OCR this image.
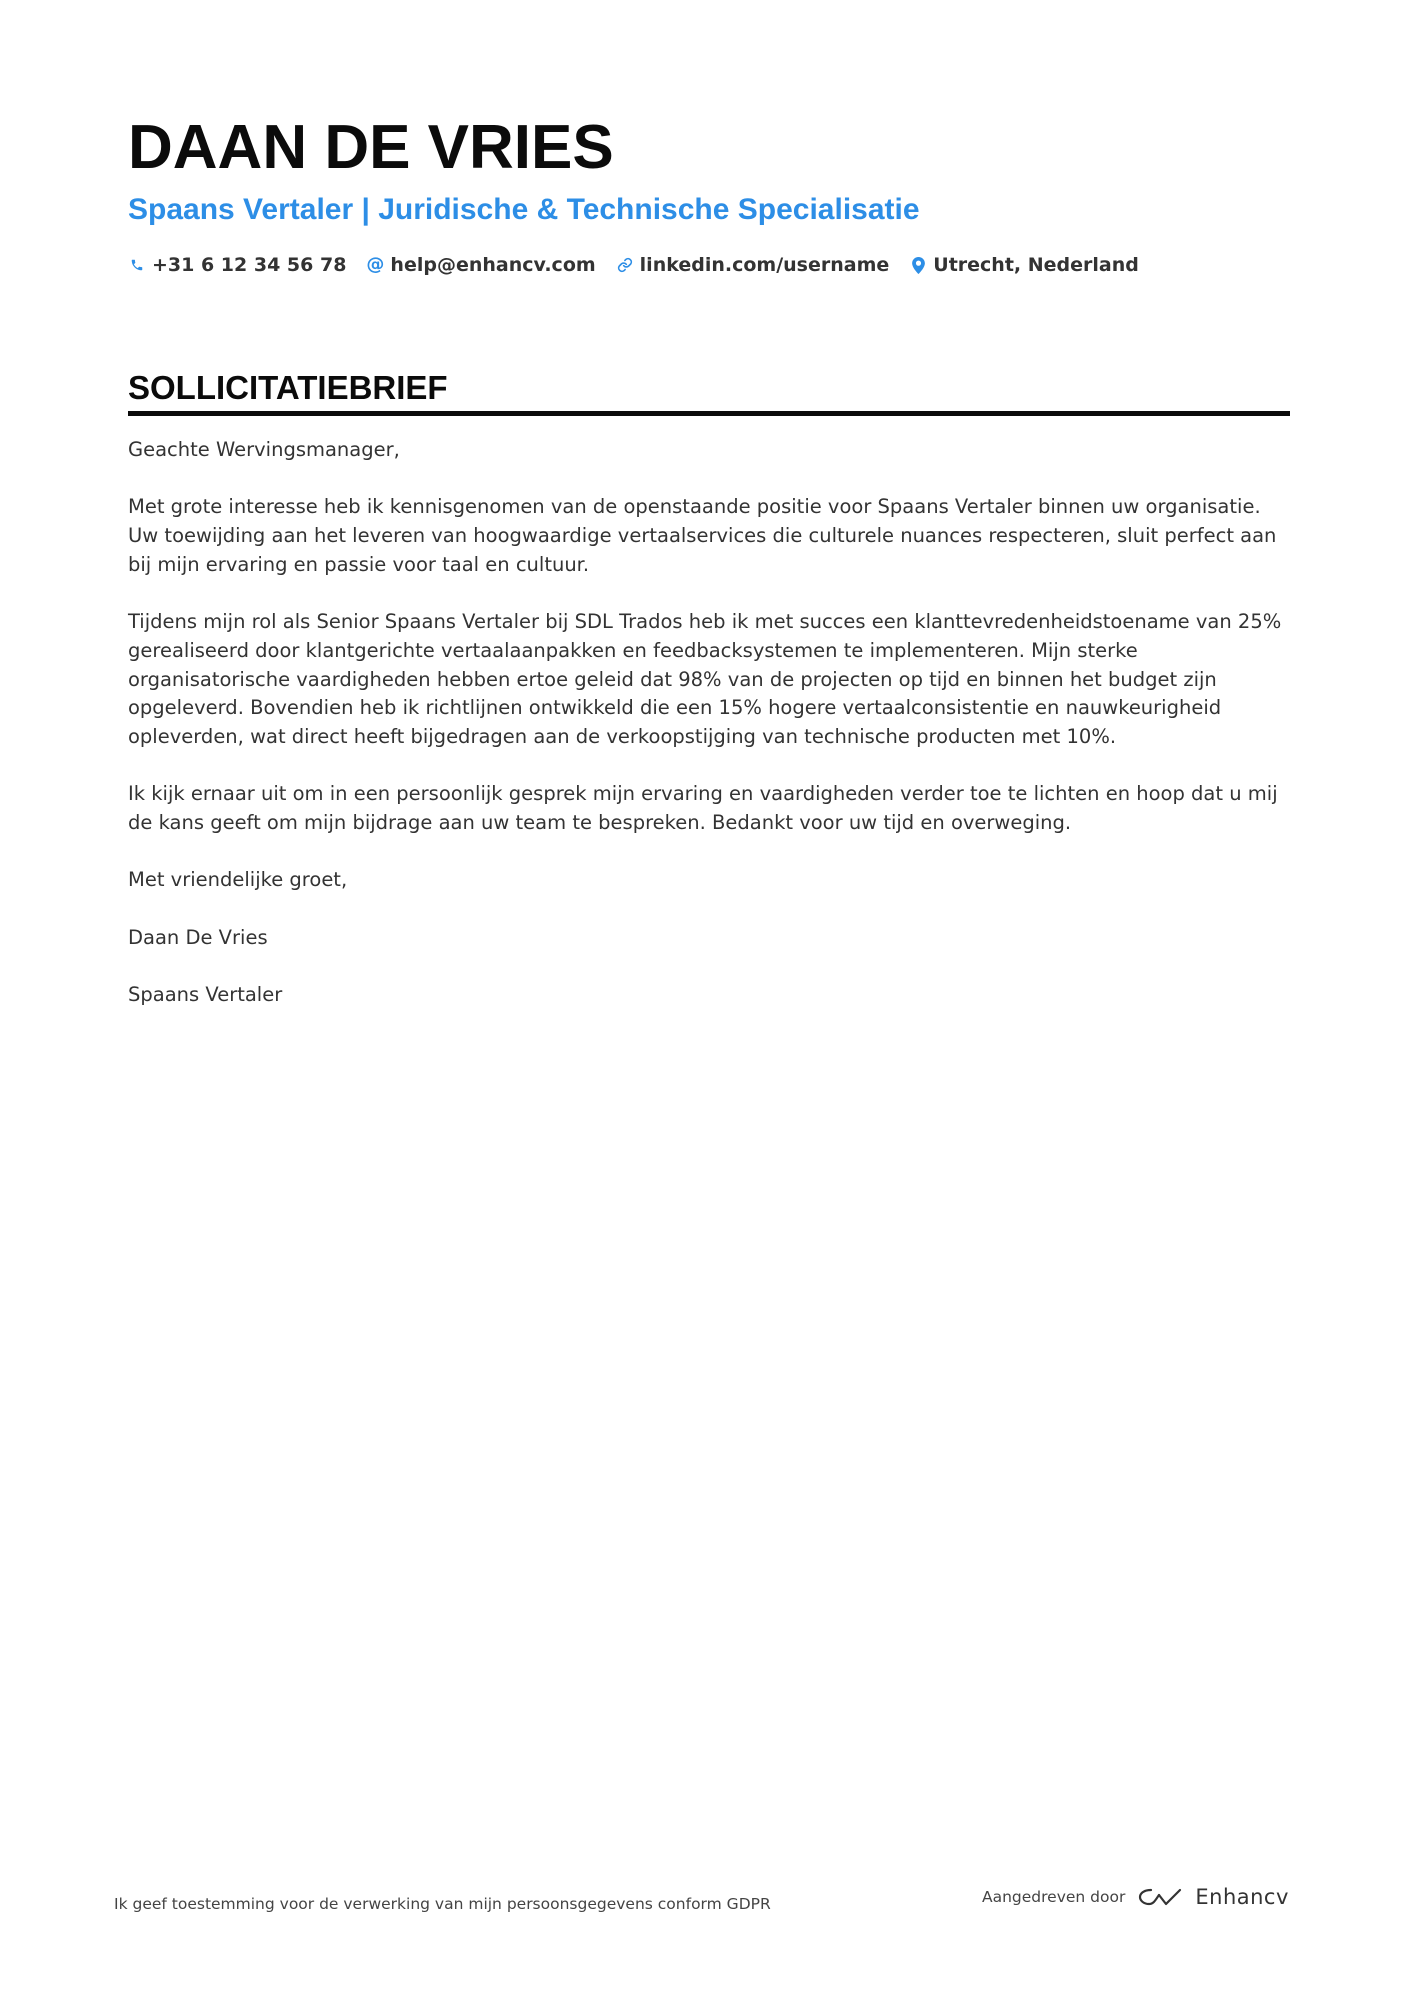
DAAN DE VRIES
Spaans Vertaler | Juridische & Technische Specialisatie
+31 6 12 34 56 78 @ help@enhancv.com linkedin.com/username Utrecht, Nederland
SOLLICITATIEBRIEF

Geachte Wervingsmanager,

Met grote interesse heb ik kennisgenomen van de openstaande positie voor Spaans Vertaler binnen uw organisatie. Uw toewijding aan het leveren van hoogwaardige vertaalservices die culturele nuances respecteren, sluit perfect aan bij mijn ervaring en passie voor taal en cultuur.

Tijdens mijn rol als Senior Spaans Vertaler bij SDL Trados heb ik met succes een klanttevredenheidstoename van 25% gerealiseerd door klantgerichte vertaalaanpakken en feedbacksystemen te implementeren. Mijn sterke organisatorische vaardigheden hebben ertoe geleid dat 98% van de projecten op tijd en binnen het budget zijn opgeleverd. Bovendien heb ik richtlijnen ontwikkeld die een 15% hogere vertaalconsistentie en nauwkeurigheid opleverden, wat direct heeft bijgedragen aan de verkoopstijging van technische producten met 10%.

Ik kijk ernaar uit om in een persoonlijk gesprek mijn ervaring en vaardigheden verder toe te lichten en hoop dat u mij de kans geeft om mijn bijdrage aan uw team te bespreken. Bedankt voor uw tijd en overweging.

Met vriendelijke groet,

Daan De Vries

Spaans Vertaler

Ik geef toestemming voor de verwerking van mijn persoonsgegevens conform GDPR	Aangedreven door	Enhancv
